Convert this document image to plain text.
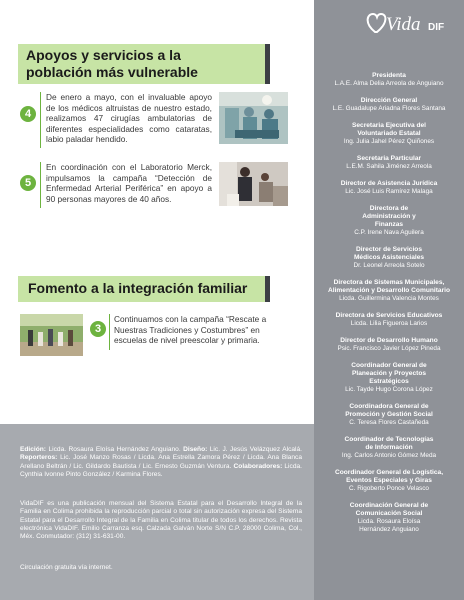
Vida DIF
Apoyos y servicios a la
población más vulnerable
4
De enero a mayo, con el invaluable apoyo de los médicos altruistas de nuestro estado, realizamos 47 cirugías ambulatorias de diferentes especialidades como cataratas, labio paladar hendido.
5
En coordinación con el Laboratorio Merck, impulsamos la campaña “Detección de Enfermedad Arterial Periférica” en apoyo a 90 personas mayores de 40 años.
Fomento a la integración familiar
3
Continuamos con la campaña “Rescate a Nuestras Tradiciones y Costumbres” en escuelas de nivel preescolar y primaria.
Presidenta
L.A.E. Alma Delia Arreola de Anguiano
Dirección General
L.E. Guadalupe Ariadna Flores Santana
Secretaria Ejecutiva del Voluntariado Estatal
Ing. Julia Jahel Pérez Quiñones
Secretaria Particular
L.E.M. Sahila Jiménez Arreola
Director de Asistencia Jurídica
Lic. José Luis Ramírez Malaga
Directora de Administración y Finanzas
C.P. Irene Nava Aguilera
Director de Servicios Médicos Asistenciales
Dr. Leonel Arreola Sotelo
Directora de Sistemas Municipales, Alimentación y Desarrollo Comunitario
Licda. Guillermina Valencia Montes
Directora de Servicios Educativos
Licda. Lilia Figueroa Larios
Director de Desarrollo Humano
Psic. Francisco Javier López Pineda
Coordinador General de Planeación y Proyectos Estratégicos
Lic. Tayde Hugo Corona López
Coordinadora General de Promoción y Gestión Social
C. Teresa Flores Castañeda
Coordinador de Tecnologías de Información
Ing. Carlos Antonio Gómez Meda
Coordinador General de Logística, Eventos Especiales y Giras
C. Rigoberto Ponce Velasco
Coordinación General de Comunicación Social
Licda. Rosaura Eloísa Hernández Anguiano
Edición: Licda. Rosaura Eloísa Hernández Anguiano. Diseño: Lic. J. Jesús Velázquez Alcalá. Reporteros: Lic. José Manzo Rosas / Licda. Ana Estrella Zamora Pérez / Licda. Ana Blanca Arellano Beltrán / Lic. Gildardo Bautista / Lic. Ernesto Guzmán Ventura. Colaboradores: Licda. Cynthia Ivonne Pinto González / Karmina Flores.
VidaDIF es una publicación mensual del Sistema Estatal para el Desarrollo Integral de la Familia en Colima prohibida la reproducción parcial o total sin autorización expresa del Sistema Estatal para el Desarrollo Integral de la Familia en Colima titular de todos los derechos. Revista electrónica VidaDIF. Emilio Carranza esq. Calzada Galván Norte S/N C.P. 28000 Colima, Col., Méx. Conmutador: (312) 31-631-00.
Circulación gratuita vía internet.
